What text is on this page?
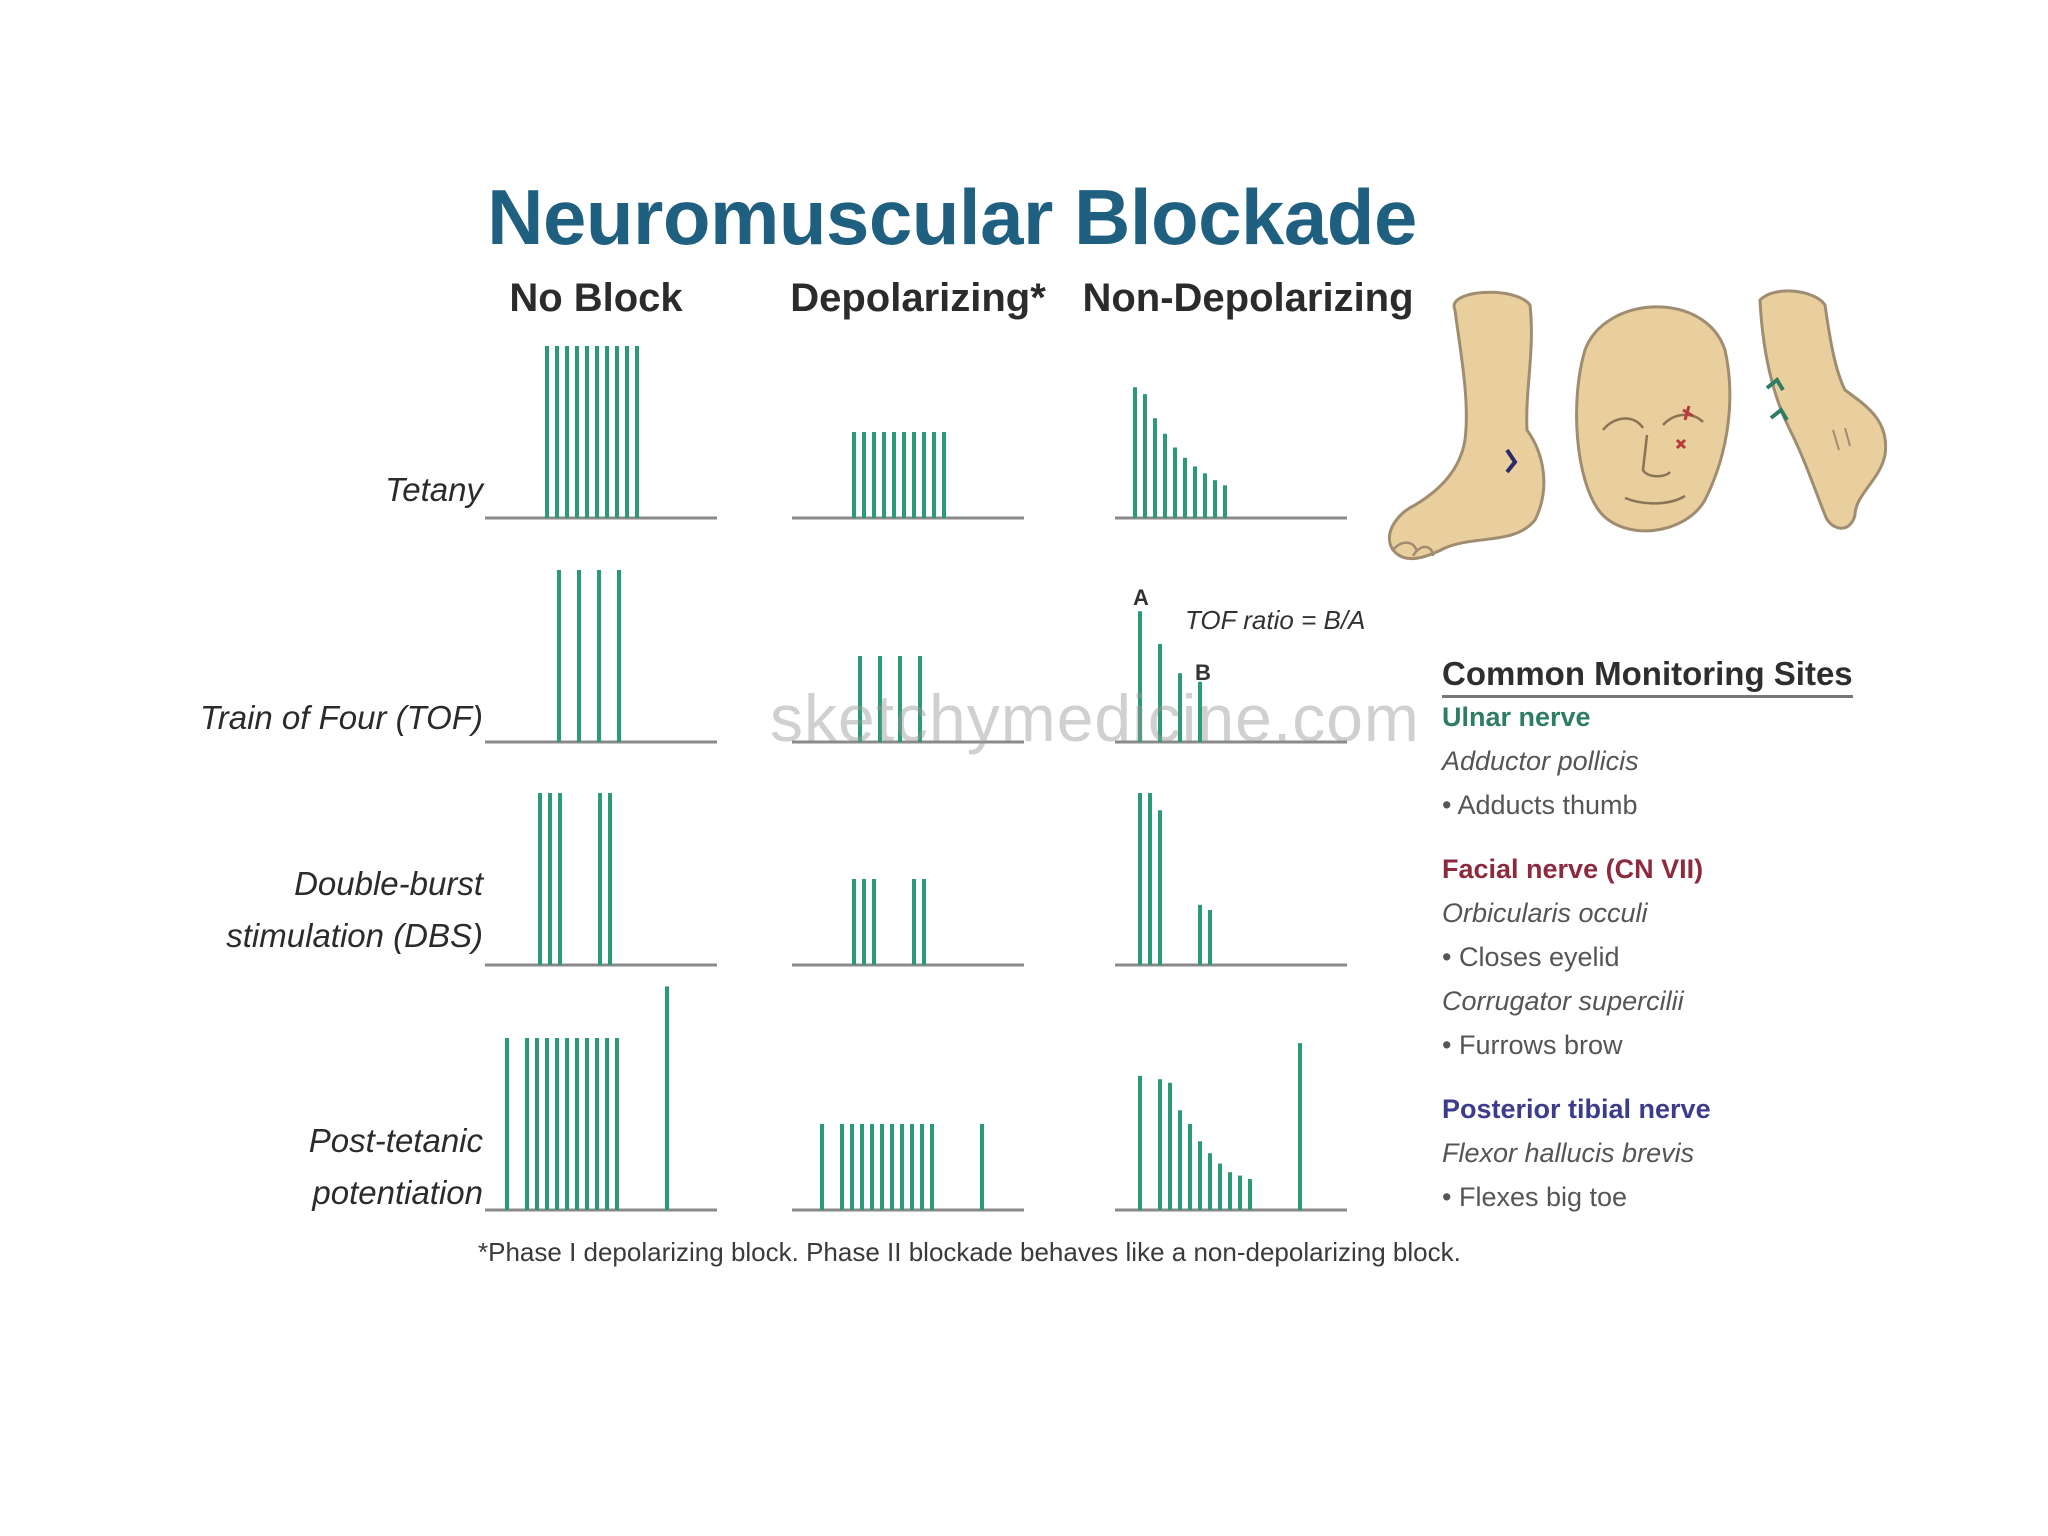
Neuromuscular Blockade
No Block	Depolarizing* Non-Depolarizing
Tetany
Train of Four (TOF)
Double-burst
stimulation (DBS)
Post-tetanic
potentiation
A
B
TOF ratio = B/A
sketchymedicine.com
*Phase I depolarizing block. Phase II blockade behaves like a non-depolarizing block.
Common Monitoring Sites
Ulnar nerve
Adductor pollicis
• Adducts thumb
Facial nerve (CN VII)
Orbicularis occuli
• Closes eyelid
Corrugator supercilii
• Furrows brow
Posterior tibial nerve
Flexor hallucis brevis
• Flexes big toe
